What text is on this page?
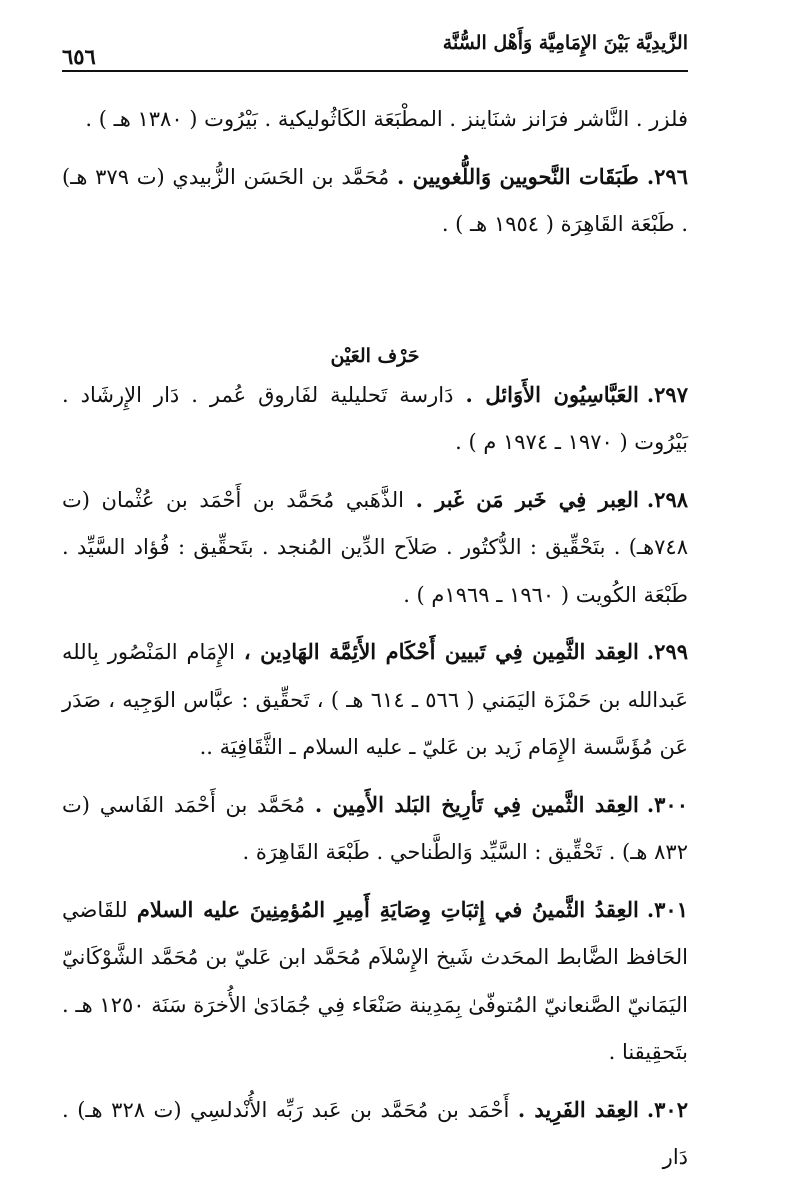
الزَّيدِيَّة بَيْنَ الإِمَامِيَّة وَأَهْل السُّنَّة
٦٥٦

فلزر . النَّاشر فرَانز شنَاينز . المطْبَعَة الكَاثُوليكية . بَيْرُوت ( ١٣٨٠ هـ ) .

٢٩٦.طَبَقَات النَّحويين وَاللُّغويين . مُحَمَّد بن الحَسَن الزُّبيدي (ت ٣٧٩ هـ) . طَبْعَة القَاهِرَة ( ١٩٥٤ هـ ) .

حَرْف العَيْن

٢٩٧.العَبَّاسِيُون الأَوَائل . دَارسة تَحليلية لفَاروق عُمر . دَار الإِرشَاد . بَيْرُوت ( ١٩٧٠ ـ ١٩٧٤ م ) .

٢٩٨.العِبر فِي خَبر مَن غَبر . الذَّهَبي مُحَمَّد بن أَحْمَد بن عُثْمان (ت ٧٤٨هـ) . بتَحْقِّيق : الدُّكتُور . صَلاَح الدِّين المُنجد . بتَحقِّيق : فُؤاد السَّيِّد . طَبْعَة الكُويت ( ١٩٦٠ ـ ١٩٦٩م ) .

٢٩٩.العِقد الثَّمِين فِي تَبيين أَحْكَام الأَئِمَّة الهَادِين ، الإِمَام المَنْصُور بِالله عَبدالله بن حَمْزَة اليَمَني ( ٥٦٦ ـ ٦١٤ هـ ) ، تَحقِّيق : عبَّاس الوَجِيه ، صَدَر عَن مُؤَسَّسة الإِمَام زَيد بن عَليّ ـ عليه السلام ـ الثَّقَافِيَة ..

٣٠٠.العِقد الثَّمين فِي تَأرِيخ البَلد الأَمِين . مُحَمَّد بن أَحْمَد الفَاسي (ت ٨٣٢ هـ) . تَحْقِّيق : السَّيِّد وَالطَّناحي . طَبْعَة القَاهِرَة .

٣٠١.العِقدُ الثَّمينُ في إِثبَاتِ وِصَايَةِ أَمِيرِ المُؤمِنِينَ عليه السلام للقَاضي الحَافظ الضَّابط المحَدث شَيخ الإِسْلاَم مُحَمَّد ابن عَليّ بن مُحَمَّد الشَّوْكَانيّ اليَمَانيّ الصَّنعانيّ المُتوفّىٰ بِمَدِينة صَنْعَاء فِي جُمَادَىٰ الأُخرَة سَنَة ١٢٥٠ هـ . بتَحقِيقنا .

٣٠٢.العِقد الفَرِيد . أَحْمَد بن مُحَمَّد بن عَبد رَبِّه الأُنْدلسِي (ت ٣٢٨ هـ) . دَار
